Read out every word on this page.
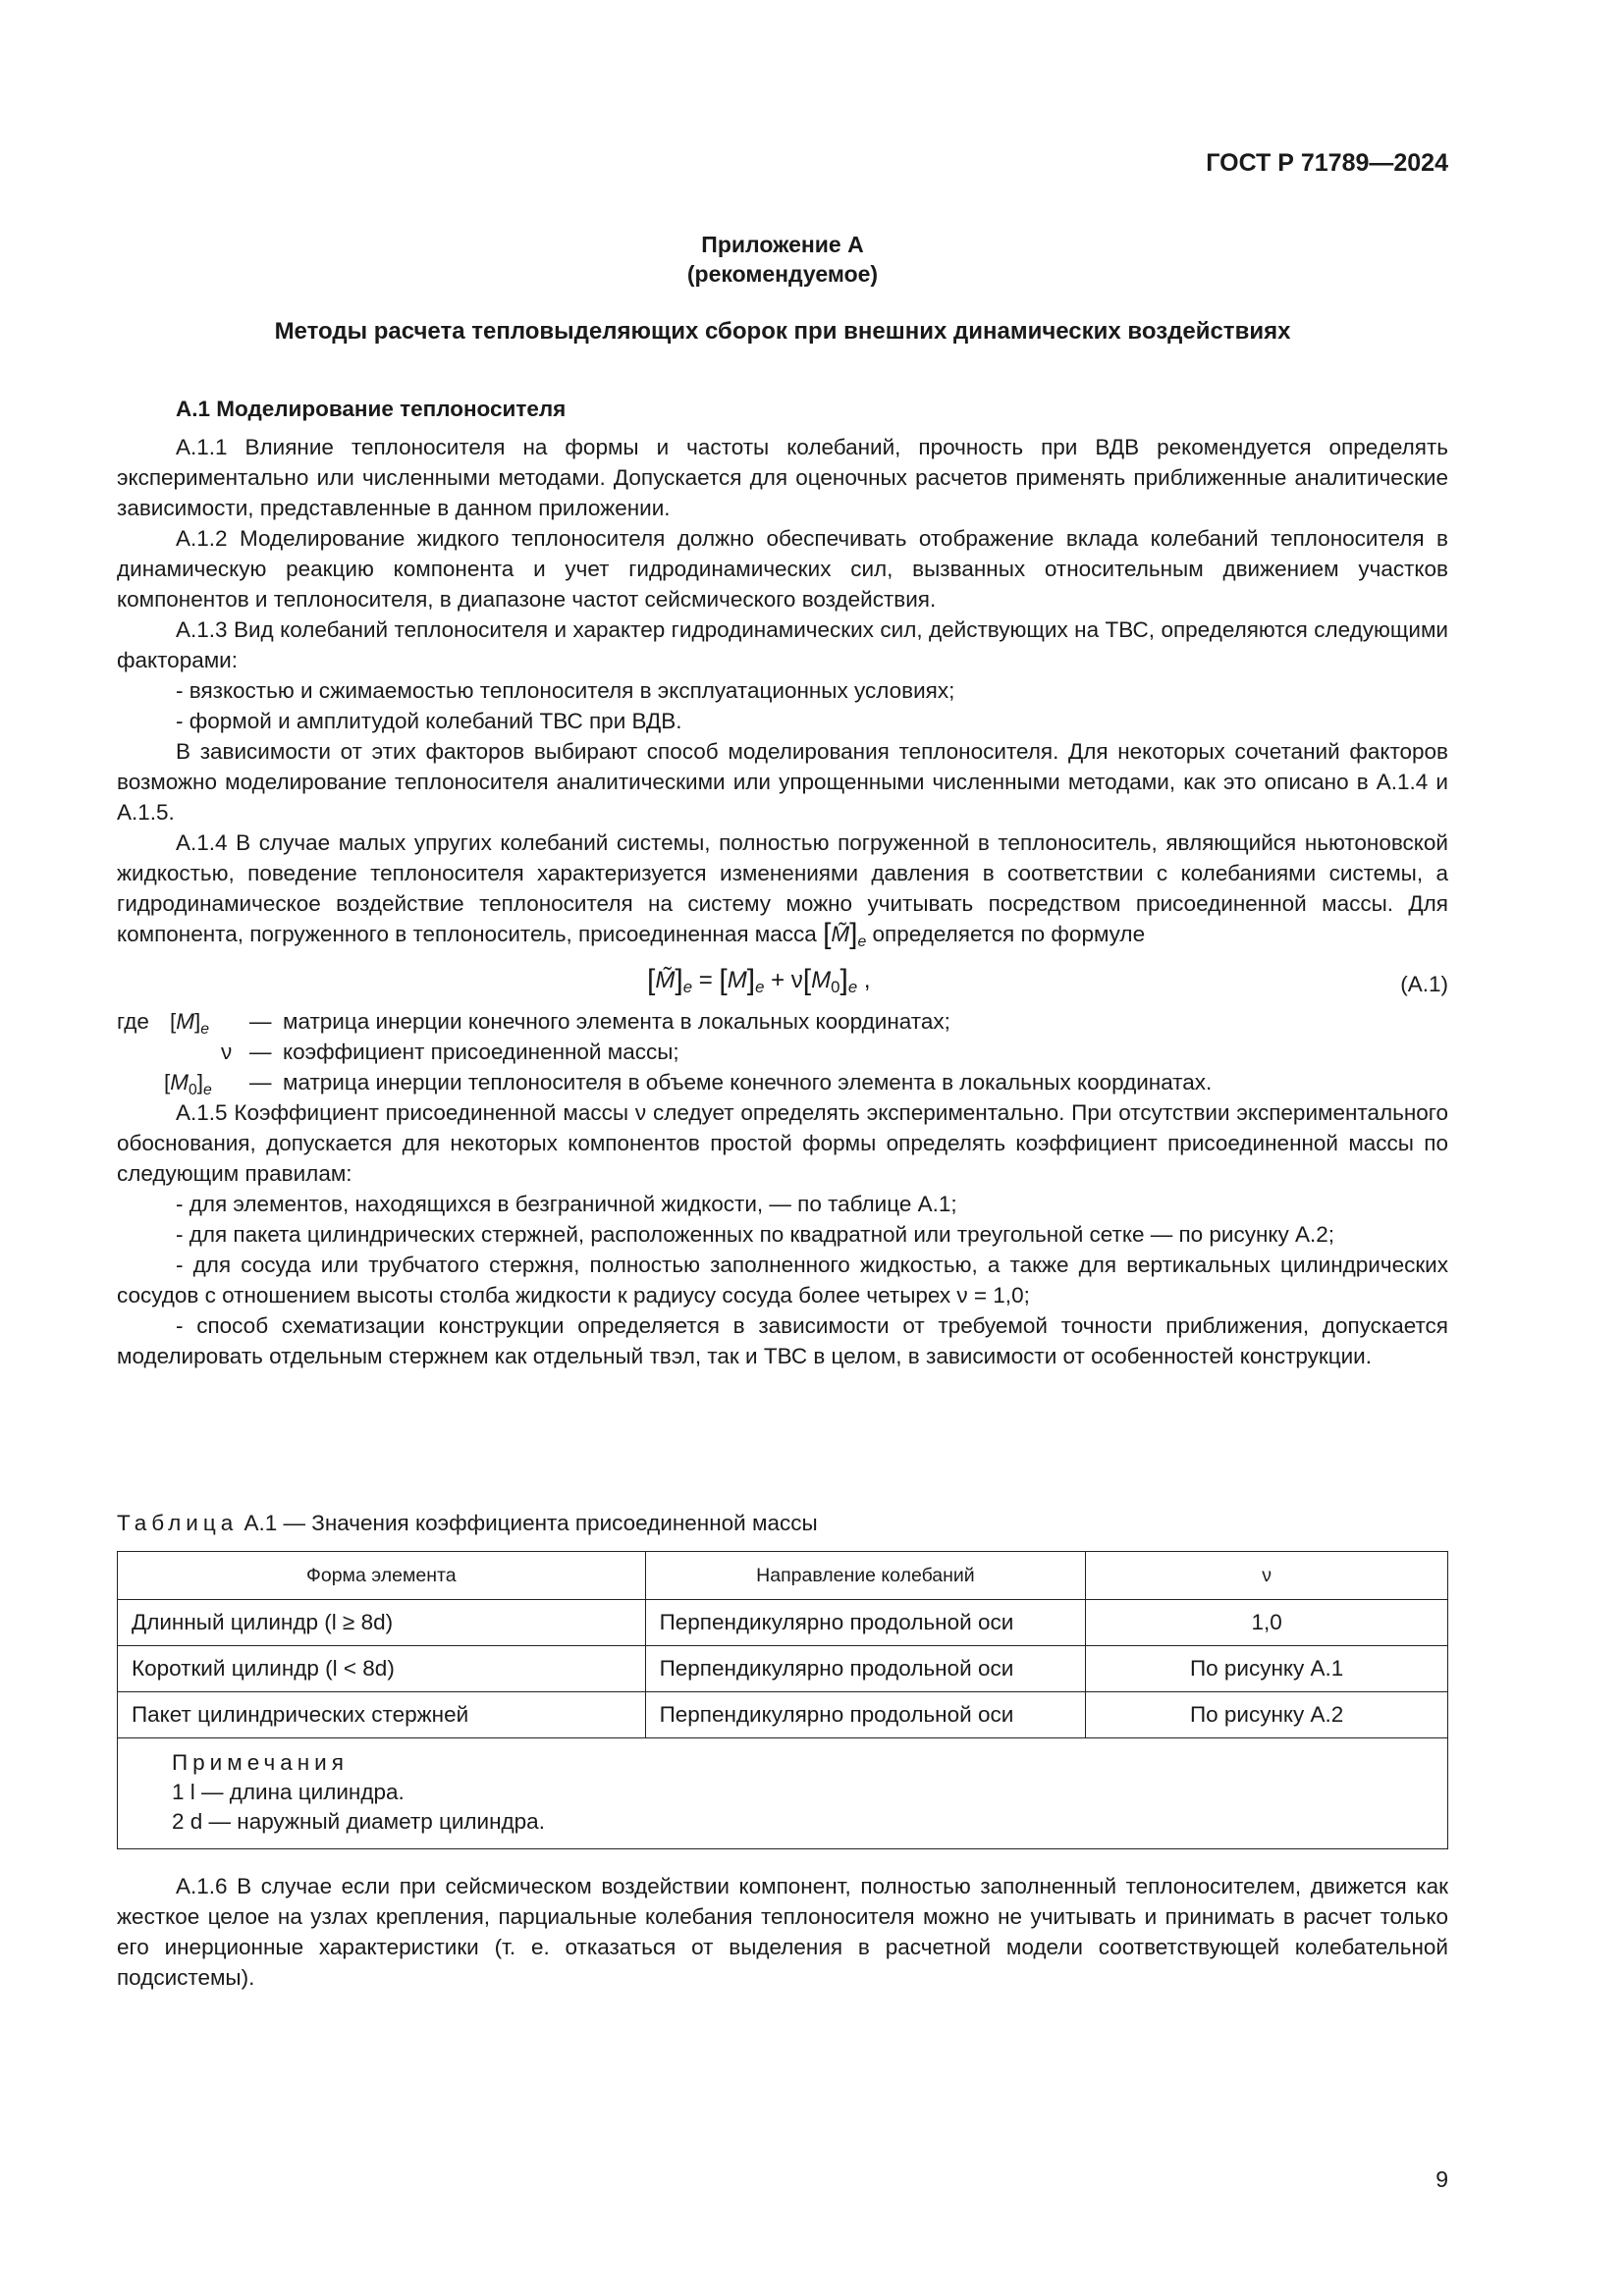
ГОСТ Р 71789—2024
Приложение А
(рекомендуемое)
Методы расчета тепловыделяющих сборок при внешних динамических воздействиях
А.1 Моделирование теплоносителя

А.1.1 Влияние теплоносителя на формы и частоты колебаний, прочность при ВДВ рекомендуется определять экспериментально или численными методами. Допускается для оценочных расчетов применять приближенные аналитические зависимости, представленные в данном приложении.

А.1.2 Моделирование жидкого теплоносителя должно обеспечивать отображение вклада колебаний теплоносителя в динамическую реакцию компонента и учет гидродинамических сил, вызванных относительным движением участков компонентов и теплоносителя, в диапазоне частот сейсмического воздействия.

А.1.3 Вид колебаний теплоносителя и характер гидродинамических сил, действующих на ТВС, определяются следующими факторами:

- вязкостью и сжимаемостью теплоносителя в эксплуатационных условиях;

- формой и амплитудой колебаний ТВС при ВДВ.

В зависимости от этих факторов выбирают способ моделирования теплоносителя. Для некоторых сочетаний факторов возможно моделирование теплоносителя аналитическими или упрощенными численными методами, как это описано в А.1.4 и А.1.5.

А.1.4 В случае малых упругих колебаний системы, полностью погруженной в теплоноситель, являющийся ньютоновской жидкостью, поведение теплоносителя характеризуется изменениями давления в соответствии с колебаниями системы, а гидродинамическое воздействие теплоносителя на систему можно учитывать посредством присоединенной массы. Для компонента, погруженного в теплоноситель, присоединенная масса $[M̃]_e$ определяется по формуле

$[M̃]_e = [M]_e + \nu[M_0]_e$ ,	(А.1)
где $[M]_e$ — матрица инерции конечного элемента в локальных координатах;
ν — коэффициент присоединенной массы;
$[M_0]_e$ — матрица инерции теплоносителя в объеме конечного элемента в локальных координатах.

А.1.5 Коэффициент присоединенной массы ν следует определять экспериментально. При отсутствии экспериментального обоснования, допускается для некоторых компонентов простой формы определять коэффициент присоединенной массы по следующим правилам:

- для элементов, находящихся в безграничной жидкости, — по таблице А.1;

- для пакета цилиндрических стержней, расположенных по квадратной или треугольной сетке — по рисунку А.2;

- для сосуда или трубчатого стержня, полностью заполненного жидкостью, а также для вертикальных цилиндрических сосудов с отношением высоты столба жидкости к радиусу сосуда более четырех ν = 1,0;

- способ схематизации конструкции определяется в зависимости от требуемой точности приближения, допускается моделировать отдельным стержнем как отдельный твэл, так и ТВС в целом, в зависимости от особенностей конструкции.

Таблица А.1 — Значения коэффициента присоединенной массы
Форма элемента	Направление колебаний	ν
Длинный цилиндр (l ≥ 8d)	Перпендикулярно продольной оси	1,0
Короткий цилиндр (l < 8d)	Перпендикулярно продольной оси	По рисунку А.1
Пакет цилиндрических стержней	Перпендикулярно продольной оси	По рисунку А.2

Примечания
1 l — длина цилиндра.
2 d — наружный диаметр цилиндра.		

А.1.6 В случае если при сейсмическом воздействии компонент, полностью заполненный теплоносителем, движется как жесткое целое на узлах крепления, парциальные колебания теплоносителя можно не учитывать и принимать в расчет только его инерционные характеристики (т. е. отказаться от выделения в расчетной модели соответствующей колебательной подсистемы).

9
